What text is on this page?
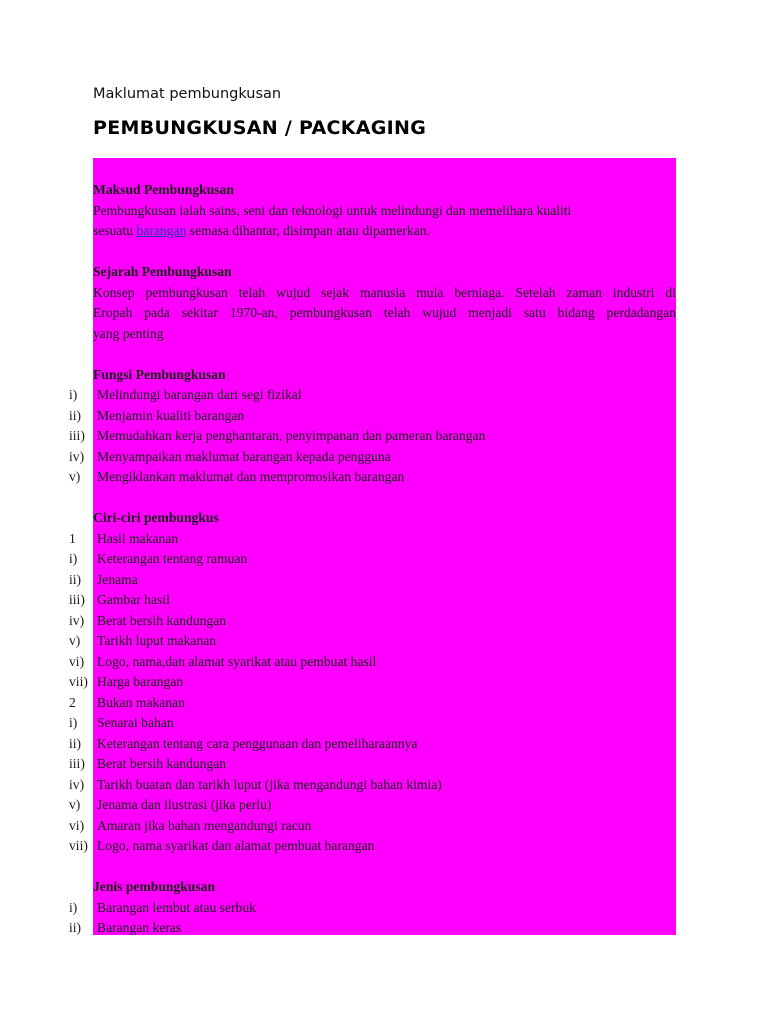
Maklumat pembungkusan
PEMBUNGKUSAN / PACKAGING
Maksud Pembungkusan
Pembungkusan ialah sains, seni dan teknologi untuk melindungi dan memelihara kualiti
sesuatu barangan semasa dihantar, disimpan atau dipamerkan.
Sejarah Pembungkusan
Konsep pembungkusan telah wujud sejak manusia mula berniaga. Setelah zaman industri di
Eropah pada sekitar 1970-an, pembungkusan telah wujud menjadi satu bidang perdadangan
yang penting
Fungsi Pembungkusan
i) Melindungi barangan dari segi fizikal
ii) Menjamin kualiti barangan
iii) Memudahkan kerja penghantaran, penyimpanan dan pameran barangan
iv) Menyampaikan maklumat barangan kepada pengguna
v) Mengiklankan maklumat dan mempromosikan barangan
Ciri-ciri pembungkus
1 Hasil makanan
i) Keterangan tentang ramuan
ii) Jenama
iii) Gambar hasil
iv) Berat bersih kandungan
v) Tarikh luput makanan
vi) Logo, nama,dan alamat syarikat atau pembuat hasil
vii) Harga barangan
2 Bukan makanan
i) Senarai bahan
ii) Keterangan tentang cara penggunaan dan pemeliharaannya
iii) Berat bersih kandungan
iv) Tarikh buatan dan tarikh luput (jika mengandungi bahan kimia)
v) Jenama dan ilustrasi (jika perlu)
vi) Amaran jika bahan mengandungi racun
vii) Logo, nama syarikat dan alamat pembuat barangan
Jenis pembungkusan
i) Barangan lembut atau serbuk
ii) Barangan keras
